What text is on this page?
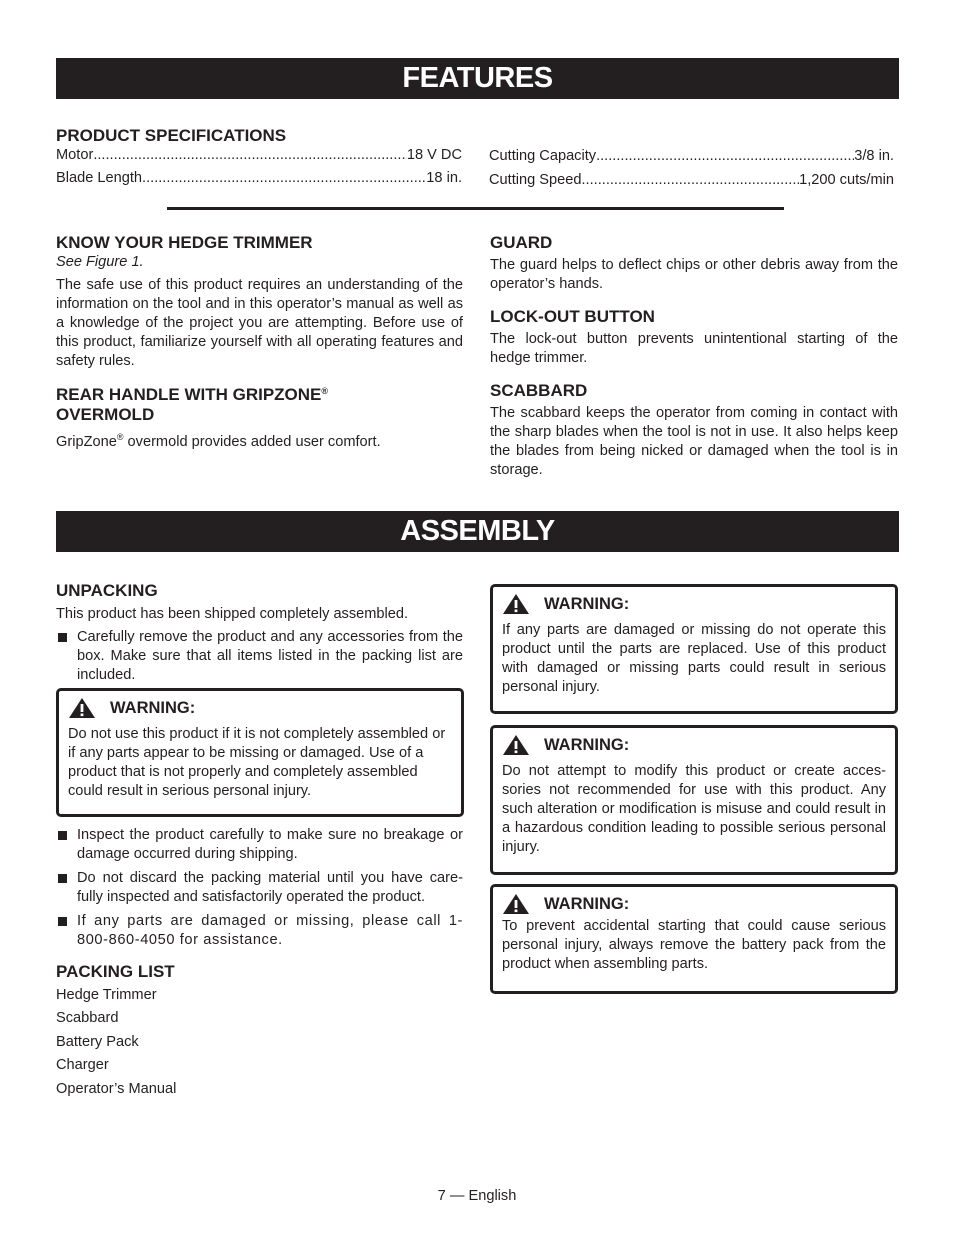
FEATURES
PRODUCT SPECIFICATIONS
Motor .....	18 V DC
Blade Length .....	18 in.
Cutting Capacity .....	3/8 in.
Cutting Speed .....	1,200 cuts/min
KNOW YOUR HEDGE TRIMMER
See Figure 1.

The safe use of this product requires an understanding of the information on the tool and in this operator’s manual as well as a knowledge of the project you are attempting. Before use of this product, familiarize yourself with all operating features and safety rules.

REAR HANDLE WITH GRIPZONE®
OVERMOLD

GripZone® overmold provides added user comfort.

GUARD

The guard helps to deflect chips or other debris away from the operator’s hands.

LOCK-OUT BUTTON

The lock-out button prevents unintentional starting of the hedge trimmer.

SCABBARD

The scabbard keeps the operator from coming in contact with the sharp blades when the tool is not in use. It also helps keep the blades from being nicked or damaged when the tool is in storage.

ASSEMBLY
UNPACKING

This product has been shipped completely assembled.

Carefully remove the product and any accessories from the box. Make sure that all items listed in the packing list are included.
WARNING:

Do not use this product if it is not completely assembled or if any parts appear to be missing or damaged. Use of a product that is not properly and completely assembled could result in serious personal injury.

Inspect the product carefully to make sure no breakage or damage occurred during shipping.
Do not discard the packing material until you have care-fully inspected and satisfactorily operated the product.
If any parts are damaged or missing, please call 1-800-860-4050 for assistance.
PACKING LIST
Hedge Trimmer
Scabbard
Battery Pack
Charger
Operator’s Manual
WARNING:

If any parts are damaged or missing do not operate this product until the parts are replaced. Use of this product with damaged or missing parts could result in serious personal injury.

WARNING:

Do not attempt to modify this product or create acces-sories not recommended for use with this product. Any such alteration or modification is misuse and could result in a hazardous condition leading to possible serious personal injury.

WARNING:

To prevent accidental starting that could cause serious personal injury, always remove the battery pack from the product when assembling parts.

7 — English
